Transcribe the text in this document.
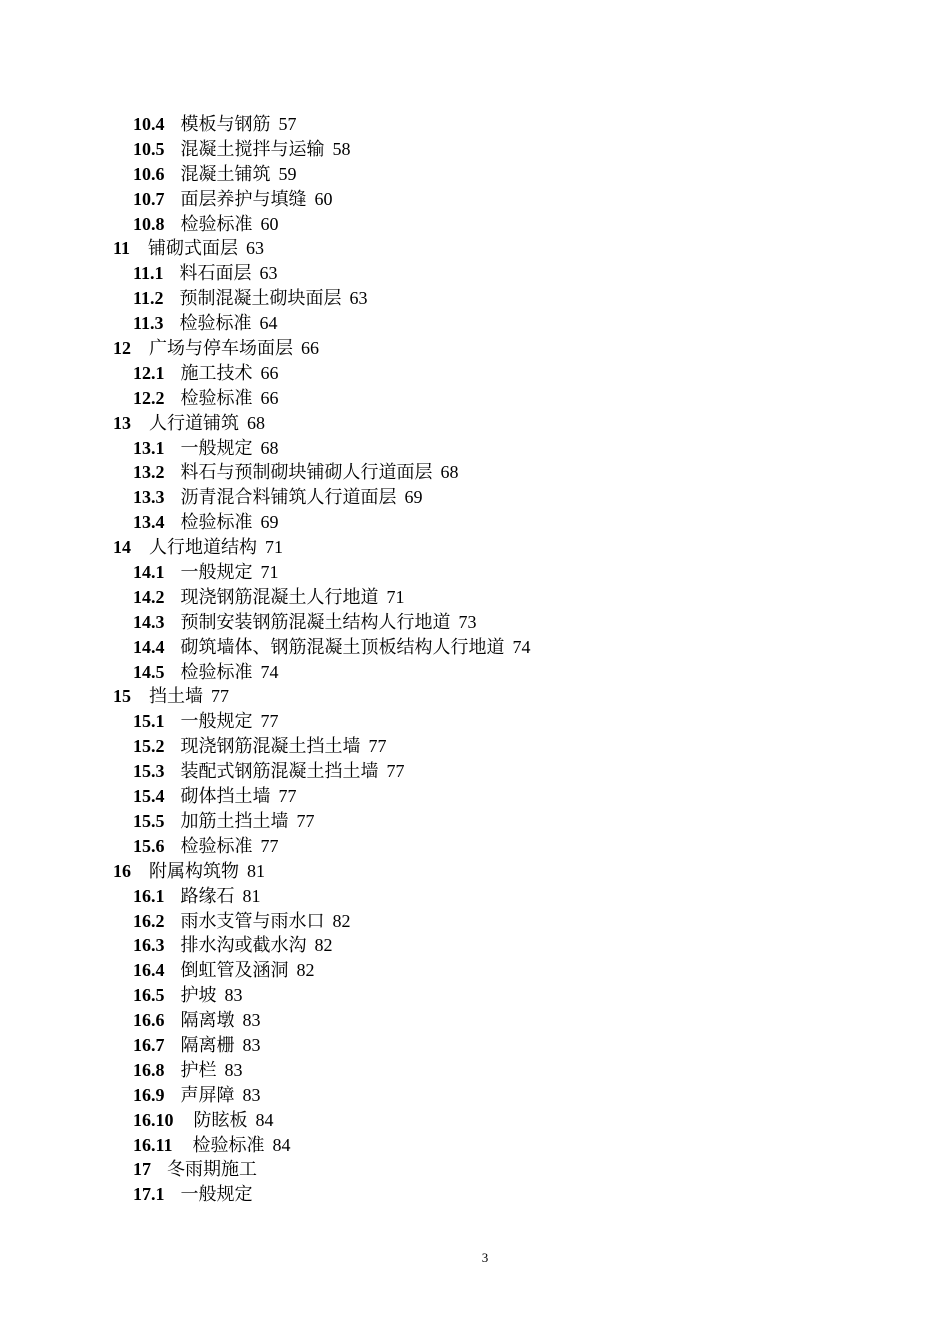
10.4 模板与钢筋 57
10.5 混凝土搅拌与运输 58
10.6 混凝土铺筑 59
10.7 面层养护与填缝 60
10.8 检验标准 60
11 铺砌式面层 63
11.1 料石面层 63
11.2 预制混凝土砌块面层 63
11.3 检验标准 64
12 广场与停车场面层 66
12.1 施工技术 66
12.2 检验标准 66
13 人行道铺筑 68
13.1 一般规定 68
13.2 料石与预制砌块铺砌人行道面层 68
13.3 沥青混合料铺筑人行道面层 69
13.4 检验标准 69
14 人行地道结构 71
14.1 一般规定 71
14.2 现浇钢筋混凝土人行地道 71
14.3 预制安装钢筋混凝土结构人行地道 73
14.4 砌筑墙体、钢筋混凝土顶板结构人行地道 74
14.5 检验标准 74
15 挡土墙 77
15.1 一般规定 77
15.2 现浇钢筋混凝土挡土墙 77
15.3 装配式钢筋混凝土挡土墙 77
15.4 砌体挡土墙 77
15.5 加筋土挡土墙 77
15.6 检验标准 77
16 附属构筑物 81
16.1 路缘石 81
16.2 雨水支管与雨水口 82
16.3 排水沟或截水沟 82
16.4 倒虹管及涵洞 82
16.5 护坡 83
16.6 隔离墩 83
16.7 隔离栅 83
16.8 护栏 83
16.9 声屏障 83
16.10 防眩板 84
16.11 检验标准 84
17 冬雨期施工
17.1 一般规定
3
